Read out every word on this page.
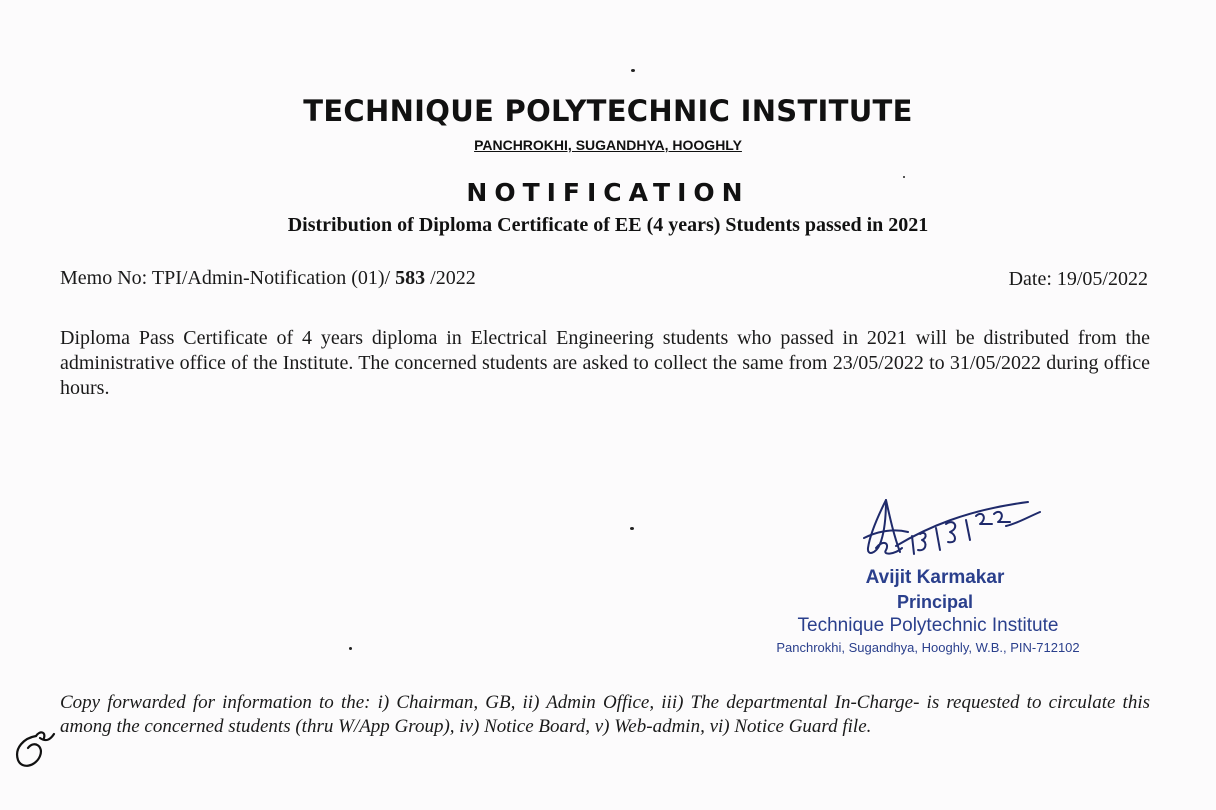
TECHNIQUE POLYTECHNIC INSTITUTE
PANCHROKHI, SUGANDHYA, HOOGHLY
NOTIFICATION
Distribution of Diploma Certificate of EE (4 years) Students passed in 2021
Memo No: TPI/Admin-Notification (01)/ 583 /2022	Date: 19/05/2022

Diploma Pass Certificate of 4 years diploma in Electrical Engineering students who passed in 2021 will be distributed from the administrative office of the Institute. The concerned students are asked to collect the same from 23/05/2022 to 31/05/2022 during office hours.

Avijit Karmakar
Principal
Technique Polytechnic Institute
Panchrokhi, Sugandhya, Hooghly, W.B., PIN-712102

Copy forwarded for information to the: i) Chairman, GB, ii) Admin Office, iii) The departmental In-Charge- is requested to circulate this among the concerned students (thru W/App Group), iv) Notice Board, v) Web-admin, vi) Notice Guard file.
